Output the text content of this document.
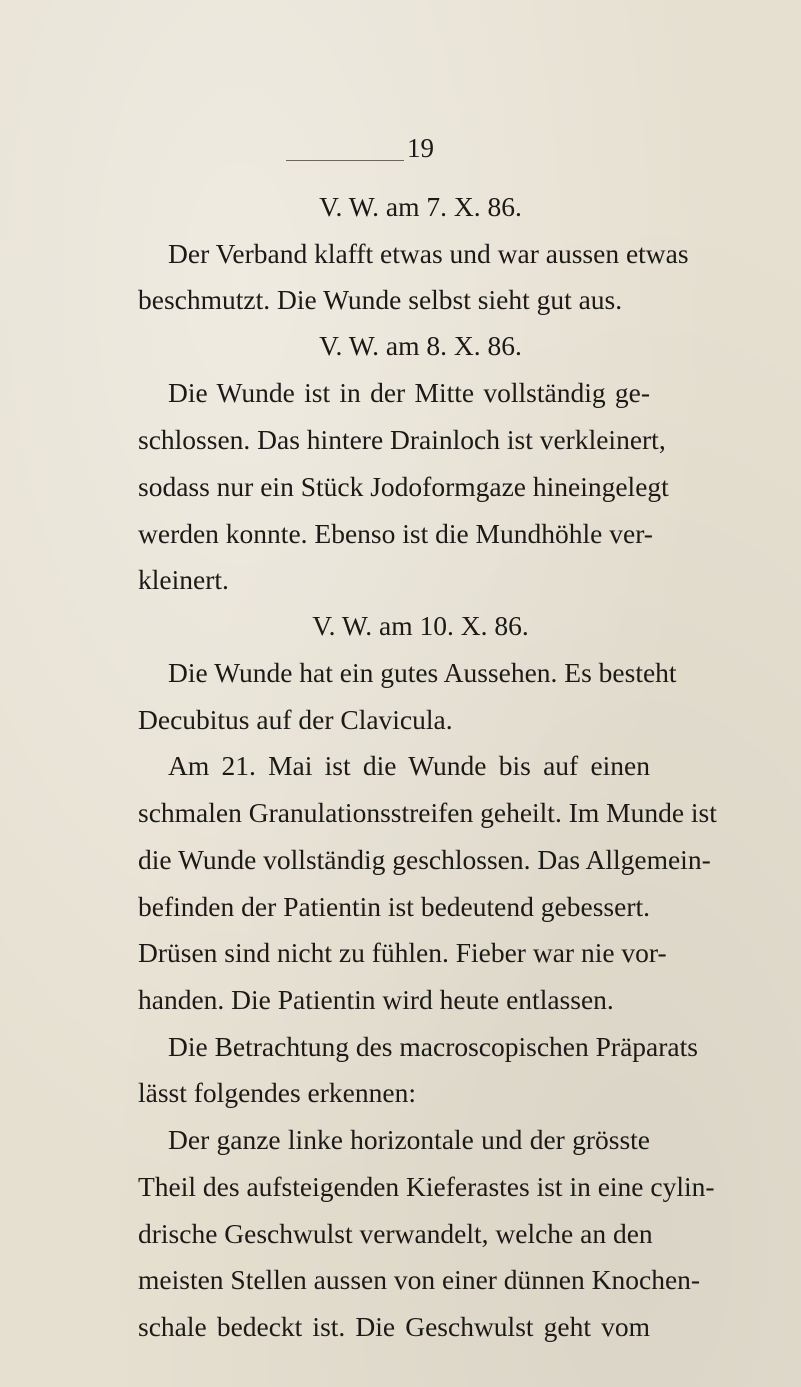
19
V. W. am 7. X. 86.
Der Verband klafft etwas und war aussen etwas
beschmutzt. Die Wunde selbst sieht gut aus.
V. W. am 8. X. 86.
Die Wunde ist in der Mitte vollständig ge-
schlossen. Das hintere Drainloch ist verkleinert,
sodass nur ein Stück Jodoformgaze hineingelegt
werden konnte. Ebenso ist die Mundhöhle ver-
kleinert.
V. W. am 10. X. 86.
Die Wunde hat ein gutes Aussehen. Es besteht
Decubitus auf der Clavicula.
Am 21. Mai ist die Wunde bis auf einen
schmalen Granulationsstreifen geheilt. Im Munde ist
die Wunde vollständig geschlossen. Das Allgemein-
befinden der Patientin ist bedeutend gebessert.
Drüsen sind nicht zu fühlen. Fieber war nie vor-
handen. Die Patientin wird heute entlassen.
Die Betrachtung des macroscopischen Präparats
lässt folgendes erkennen:
Der ganze linke horizontale und der grösste
Theil des aufsteigenden Kieferastes ist in eine cylin-
drische Geschwulst verwandelt, welche an den
meisten Stellen aussen von einer dünnen Knochen-
schale bedeckt ist. Die Geschwulst geht vom
